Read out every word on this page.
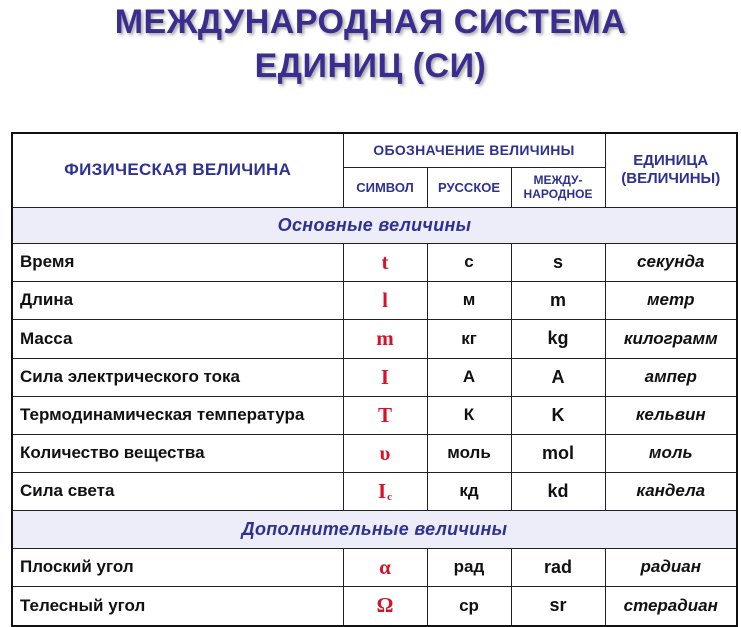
МЕЖДУНАРОДНАЯ СИСТЕМА
ЕДИНИЦ (СИ)
ФИЗИЧЕСКАЯ ВЕЛИЧИНА	ОБОЗНАЧЕНИЕ ВЕЛИЧИНЫ			ЕДИНИЦА
(ВЕЛИЧИНЫ)

	СИМВОЛ	РУССКОЕ	МЕЖДУ-
НАРОДНОЕ	

Основные величины				
Время	t	с	s	секунда
Длина	l	м	m	метр
Масса	m	кг	kg	килограмм
Сила электрического тока	I	А	A	ампер
Термодинамическая температура	T	К	K	кельвин
Количество вещества	υ	моль	mol	моль
Сила света	Ic	кд	kd	кандела
Дополнительные величины				
Плоский угол	α	рад	rad	радиан
Телесный угол	Ω	ср	sr	стерадиан
